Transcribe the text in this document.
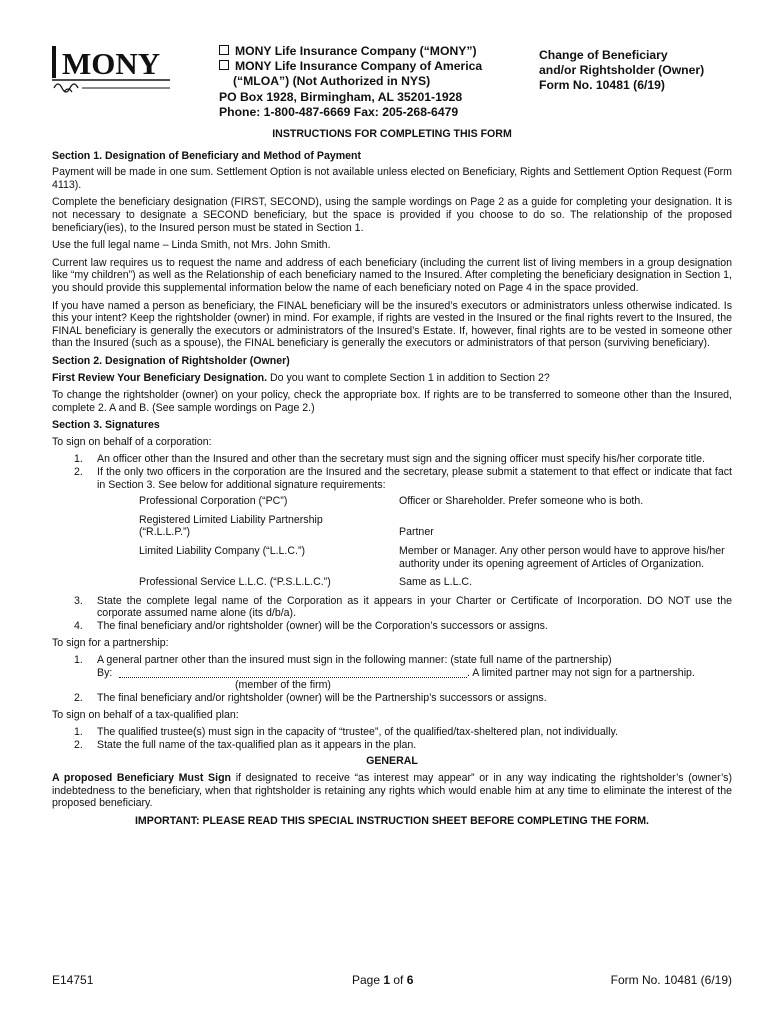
MONY	MONY Life Insurance Company (“MONY”)
MONY Life Insurance Company of America
(“MLOA”) (Not Authorized in NYS)
PO Box 1928, Birmingham, AL 35201-1928
Phone: 1-800-487-6669 Fax: 205-268-6479
Change of Beneficiary
and/or Rightsholder (Owner)
Form No. 10481 (6/19)
INSTRUCTIONS FOR COMPLETING THIS FORM
Section 1. Designation of Beneficiary and Method of Payment

Payment will be made in one sum. Settlement Option is not available unless elected on Beneficiary, Rights and Settlement Option Request (Form 4113).

Complete the beneficiary designation (FIRST, SECOND), using the sample wordings on Page 2 as a guide for completing your designation. It is not necessary to designate a SECOND beneficiary, but the space is provided if you choose to do so. The relationship of the proposed beneficiary(ies), to the Insured person must be stated in Section 1.

Use the full legal name – Linda Smith, not Mrs. John Smith.

Current law requires us to request the name and address of each beneficiary (including the current list of living members in a group designation like “my children”) as well as the Relationship of each beneficiary named to the Insured. After completing the beneficiary designation in Section 1, you should provide this supplemental information below the name of each beneficiary noted on Page 4 in the space provided.

If you have named a person as beneficiary, the FINAL beneficiary will be the insured’s executors or administrators unless otherwise indicated. Is this your intent? Keep the rightsholder (owner) in mind. For example, if rights are vested in the Insured or the final rights revert to the Insured, the FINAL beneficiary is generally the executors or administrators of the Insured’s Estate. If, however, final rights are to be vested in someone other than the Insured (such as a spouse), the FINAL beneficiary is generally the executors or administrators of that person (surviving beneficiary).

Section 2. Designation of Rightsholder (Owner)

First Review Your Beneficiary Designation. Do you want to complete Section 1 in addition to Section 2?

To change the rightsholder (owner) on your policy, check the appropriate box. If rights are to be transferred to someone other than the Insured, complete 2. A and B. (See sample wordings on Page 2.)

Section 3. Signatures

To sign on behalf of a corporation:

1. An officer other than the Insured and other than the secretary must sign and the signing officer must specify his/her corporate title.
2. If the only two officers in the corporation are the Insured and the secretary, please submit a statement to that effect or indicate that fact in Section 3. See below for additional signature requirements:
Professional Corporation (“PC”)	Officer or Shareholder. Prefer someone who is both.
Registered Limited Liability Partnership (“R.L.L.P.”)	Partner
Limited Liability Company (“L.L.C.”)	Member or Manager. Any other person would have to approve his/her authority under its opening agreement of Articles of Organization.
Professional Service L.L.C. (“P.S.L.L.C.”)	Same as L.L.C.
3. State the complete legal name of the Corporation as it appears in your Charter or Certificate of Incorporation. DO NOT use the corporate assumed name alone (its d/b/a).
4. The final beneficiary and/or rightsholder (owner) will be the Corporation’s successors or assigns.

To sign for a partnership:

1. A general partner other than the insured must sign in the following manner: (state full name of the partnership)
By:	. A limited partner may not sign for a partnership.
(member of the firm)
2. The final beneficiary and/or rightsholder (owner) will be the Partnership’s successors or assigns.

To sign on behalf of a tax-qualified plan:

1. The qualified trustee(s) must sign in the capacity of “trustee”, of the qualified/tax-sheltered plan, not individually.
2. State the full name of the tax-qualified plan as it appears in the plan.
GENERAL

A proposed Beneficiary Must Sign if designated to receive “as interest may appear” or in any way indicating the rightsholder’s (owner’s) indebtedness to the beneficiary, when that rightsholder is retaining any rights which would enable him at any time to eliminate the interest of the proposed beneficiary.

IMPORTANT: PLEASE READ THIS SPECIAL INSTRUCTION SHEET BEFORE COMPLETING THE FORM.
E14751	Page 1 of 6	Form No. 10481 (6/19)
